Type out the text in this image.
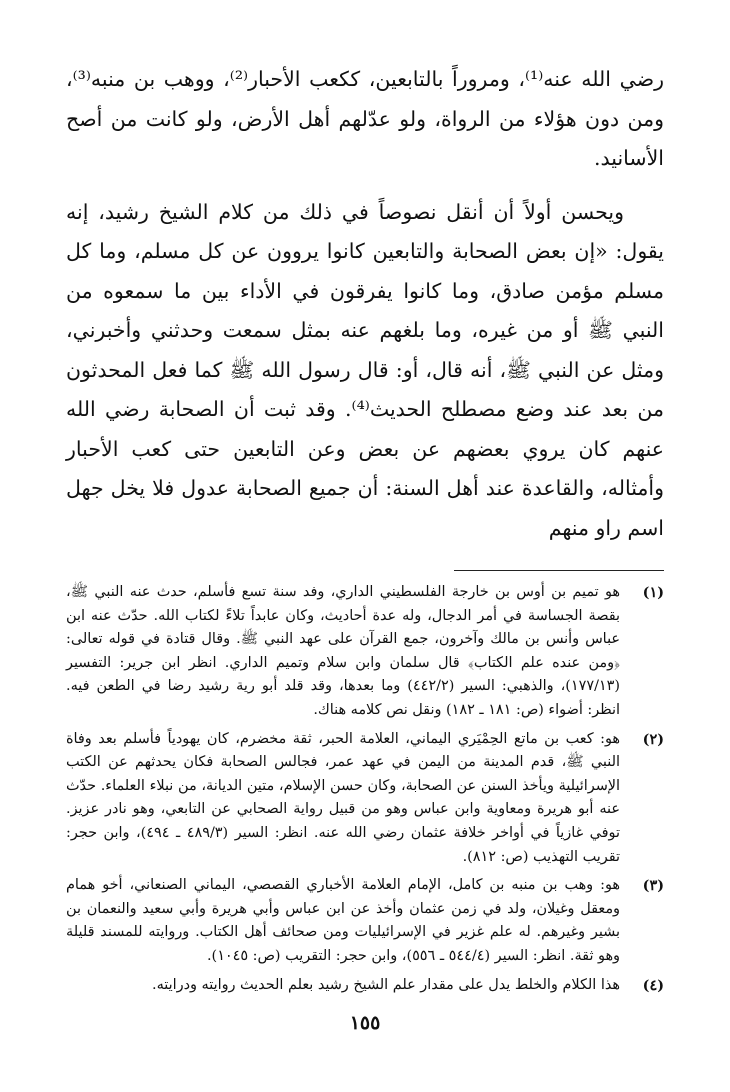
رضي الله عنه⁽¹⁾، ومروراً بالتابعين، ككعب الأحبار⁽²⁾، ووهب بن منبه⁽³⁾، ومن دون هؤلاء من الرواة، ولو عدّلهم أهل الأرض، ولو كانت من أصح الأسانيد.

ويحسن أولاً أن أنقل نصوصاً في ذلك من كلام الشيخ رشيد، إنه يقول: «إن بعض الصحابة والتابعين كانوا يروون عن كل مسلم، وما كل مسلم مؤمن صادق، وما كانوا يفرقون في الأداء بين ما سمعوه من النبي ﷺ أو من غيره، وما بلغهم عنه بمثل سمعت وحدثني وأخبرني، ومثل عن النبي ﷺ، أنه قال، أو: قال رسول الله ﷺ كما فعل المحدثون من بعد عند وضع مصطلح الحديث⁽⁴⁾. وقد ثبت أن الصحابة رضي الله عنهم كان يروي بعضهم عن بعض وعن التابعين حتى كعب الأحبار وأمثاله، والقاعدة عند أهل السنة: أن جميع الصحابة عدول فلا يخل جهل اسم راو منهم

(١)
هو تميم بن أوس بن خارجة الفلسطيني الداري، وفد سنة تسع فأسلم، حدث عنه النبي ﷺ، بقصة الجساسة في أمر الدجال، وله عدة أحاديث، وكان عابداً تلاءً لكتاب الله. حدّث عنه ابن عباس وأنس بن مالك وآخرون، جمع القرآن على عهد النبي ﷺ. وقال قتادة في قوله تعالى: ﴿ومن عنده علم الكتاب﴾ قال سلمان وابن سلام وتميم الداري. انظر ابن جرير: التفسير (١٧٧/١٣)، والذهبي: السير (٤٤٢/٢) وما بعدها، وقد قلد أبو رية رشيد رضا في الطعن فيه. انظر: أضواء (ص: ١٨١ ـ ١٨٢) ونقل نص كلامه هناك.
(٢)
هو: كعب بن ماتع الحِمْيَري اليماني، العلامة الحبر، ثقة مخضرم، كان يهودياً فأسلم بعد وفاة النبي ﷺ، قدم المدينة من اليمن في عهد عمر، فجالس الصحابة فكان يحدثهم عن الكتب الإسرائيلية ويأخذ السنن عن الصحابة، وكان حسن الإسلام، متين الديانة، من نبلاء العلماء. حدّث عنه أبو هريرة ومعاوية وابن عباس وهو من قبيل رواية الصحابي عن التابعي، وهو نادر عزيز. توفي غازياً في أواخر خلافة عثمان رضي الله عنه. انظر: السير (٤٨٩/٣ ـ ٤٩٤)، وابن حجر: تقريب التهذيب (ص: ٨١٢).
(٣)
هو: وهب بن منبه بن كامل، الإمام العلامة الأخباري القصصي، اليماني الصنعاني، أخو همام ومعقل وغيلان، ولد في زمن عثمان وأخذ عن ابن عباس وأبي هريرة وأبي سعيد والنعمان بن بشير وغيرهم. له علم غزير في الإسرائيليات ومن صحائف أهل الكتاب. وروايته للمسند قليلة وهو ثقة. انظر: السير (٥٤٤/٤ ـ ٥٥٦)، وابن حجر: التقريب (ص: ١٠٤٥).
(٤)
هذا الكلام والخلط يدل على مقدار علم الشيخ رشيد بعلم الحديث روايته ودرايته.
١٥٥
